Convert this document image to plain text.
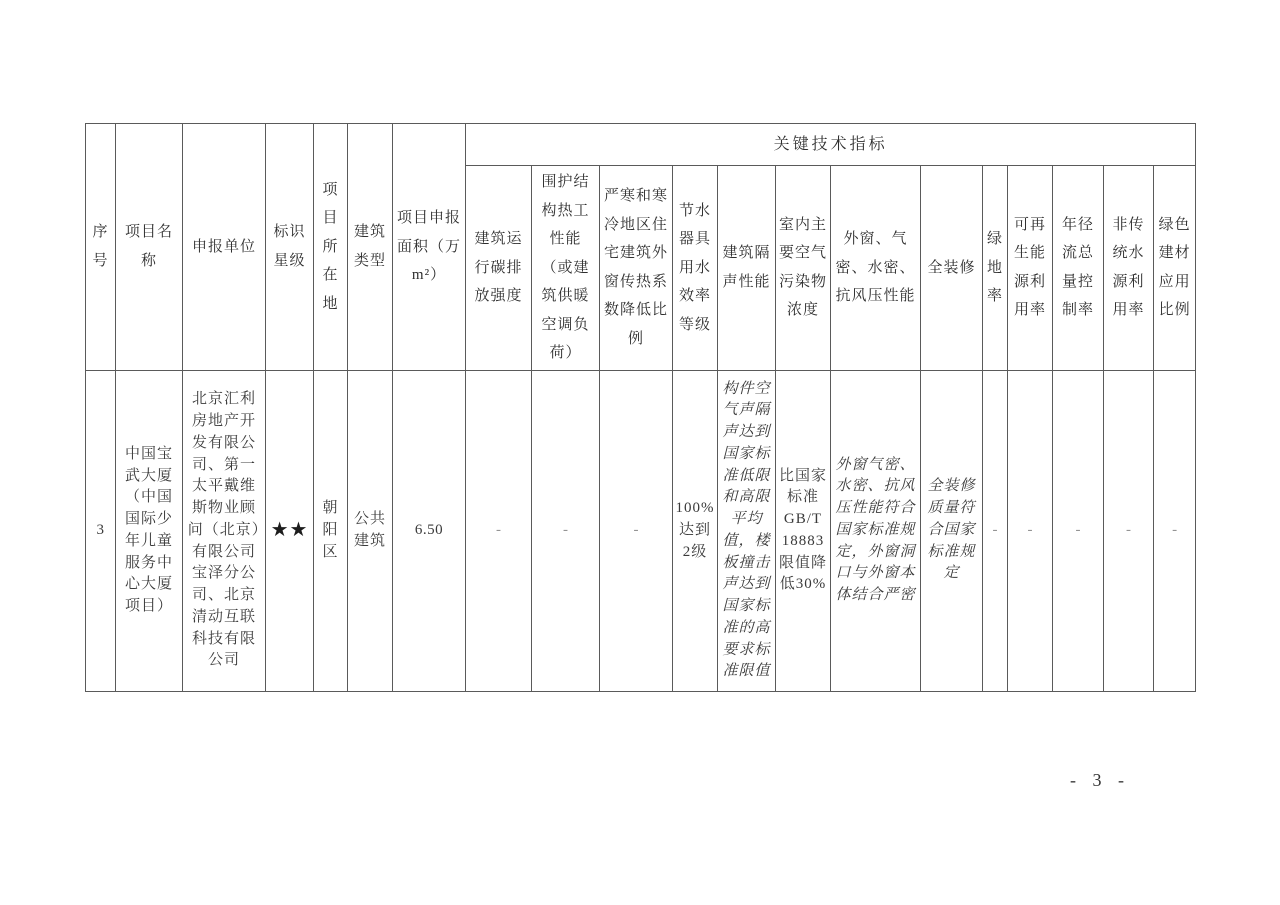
序号	项目名称	申报单位	标识星级	项目所在地	建筑类型	项目申报面积（万m²）	关键技术指标												
							建筑运行碳排放强度	围护结构热工性能（或建筑供暖空调负荷）	严寒和寒冷地区住宅建筑外窗传热系数降低比例	节水器具用水效率等级	建筑隔声性能	室内主要空气污染物浓度	外窗、气密、水密、抗风压性能	全装修	绿地率	可再生能源利用率	年径流总量控制率	非传统水源利用率	绿色建材应用比例
3	中国宝武大厦（中国国际少年儿童服务中心大厦项目）	北京汇利房地产开发有限公司、第一太平戴维斯物业顾问（北京）有限公司宝泽分公司、北京清动互联科技有限公司	★★	朝阳区	公共建筑	6.50	-	-	-	100%达到2级	构件空气声隔声达到国家标准低限和高限平均值，楼板撞击声达到国家标准的高要求标准限值	比国家标准GB/T 18883限值降低30%	外窗气密、水密、抗风压性能符合国家标准规定，外窗洞口与外窗本体结合严密	全装修质量符合国家标准规定	-	-	-	-	-
- 3 -
